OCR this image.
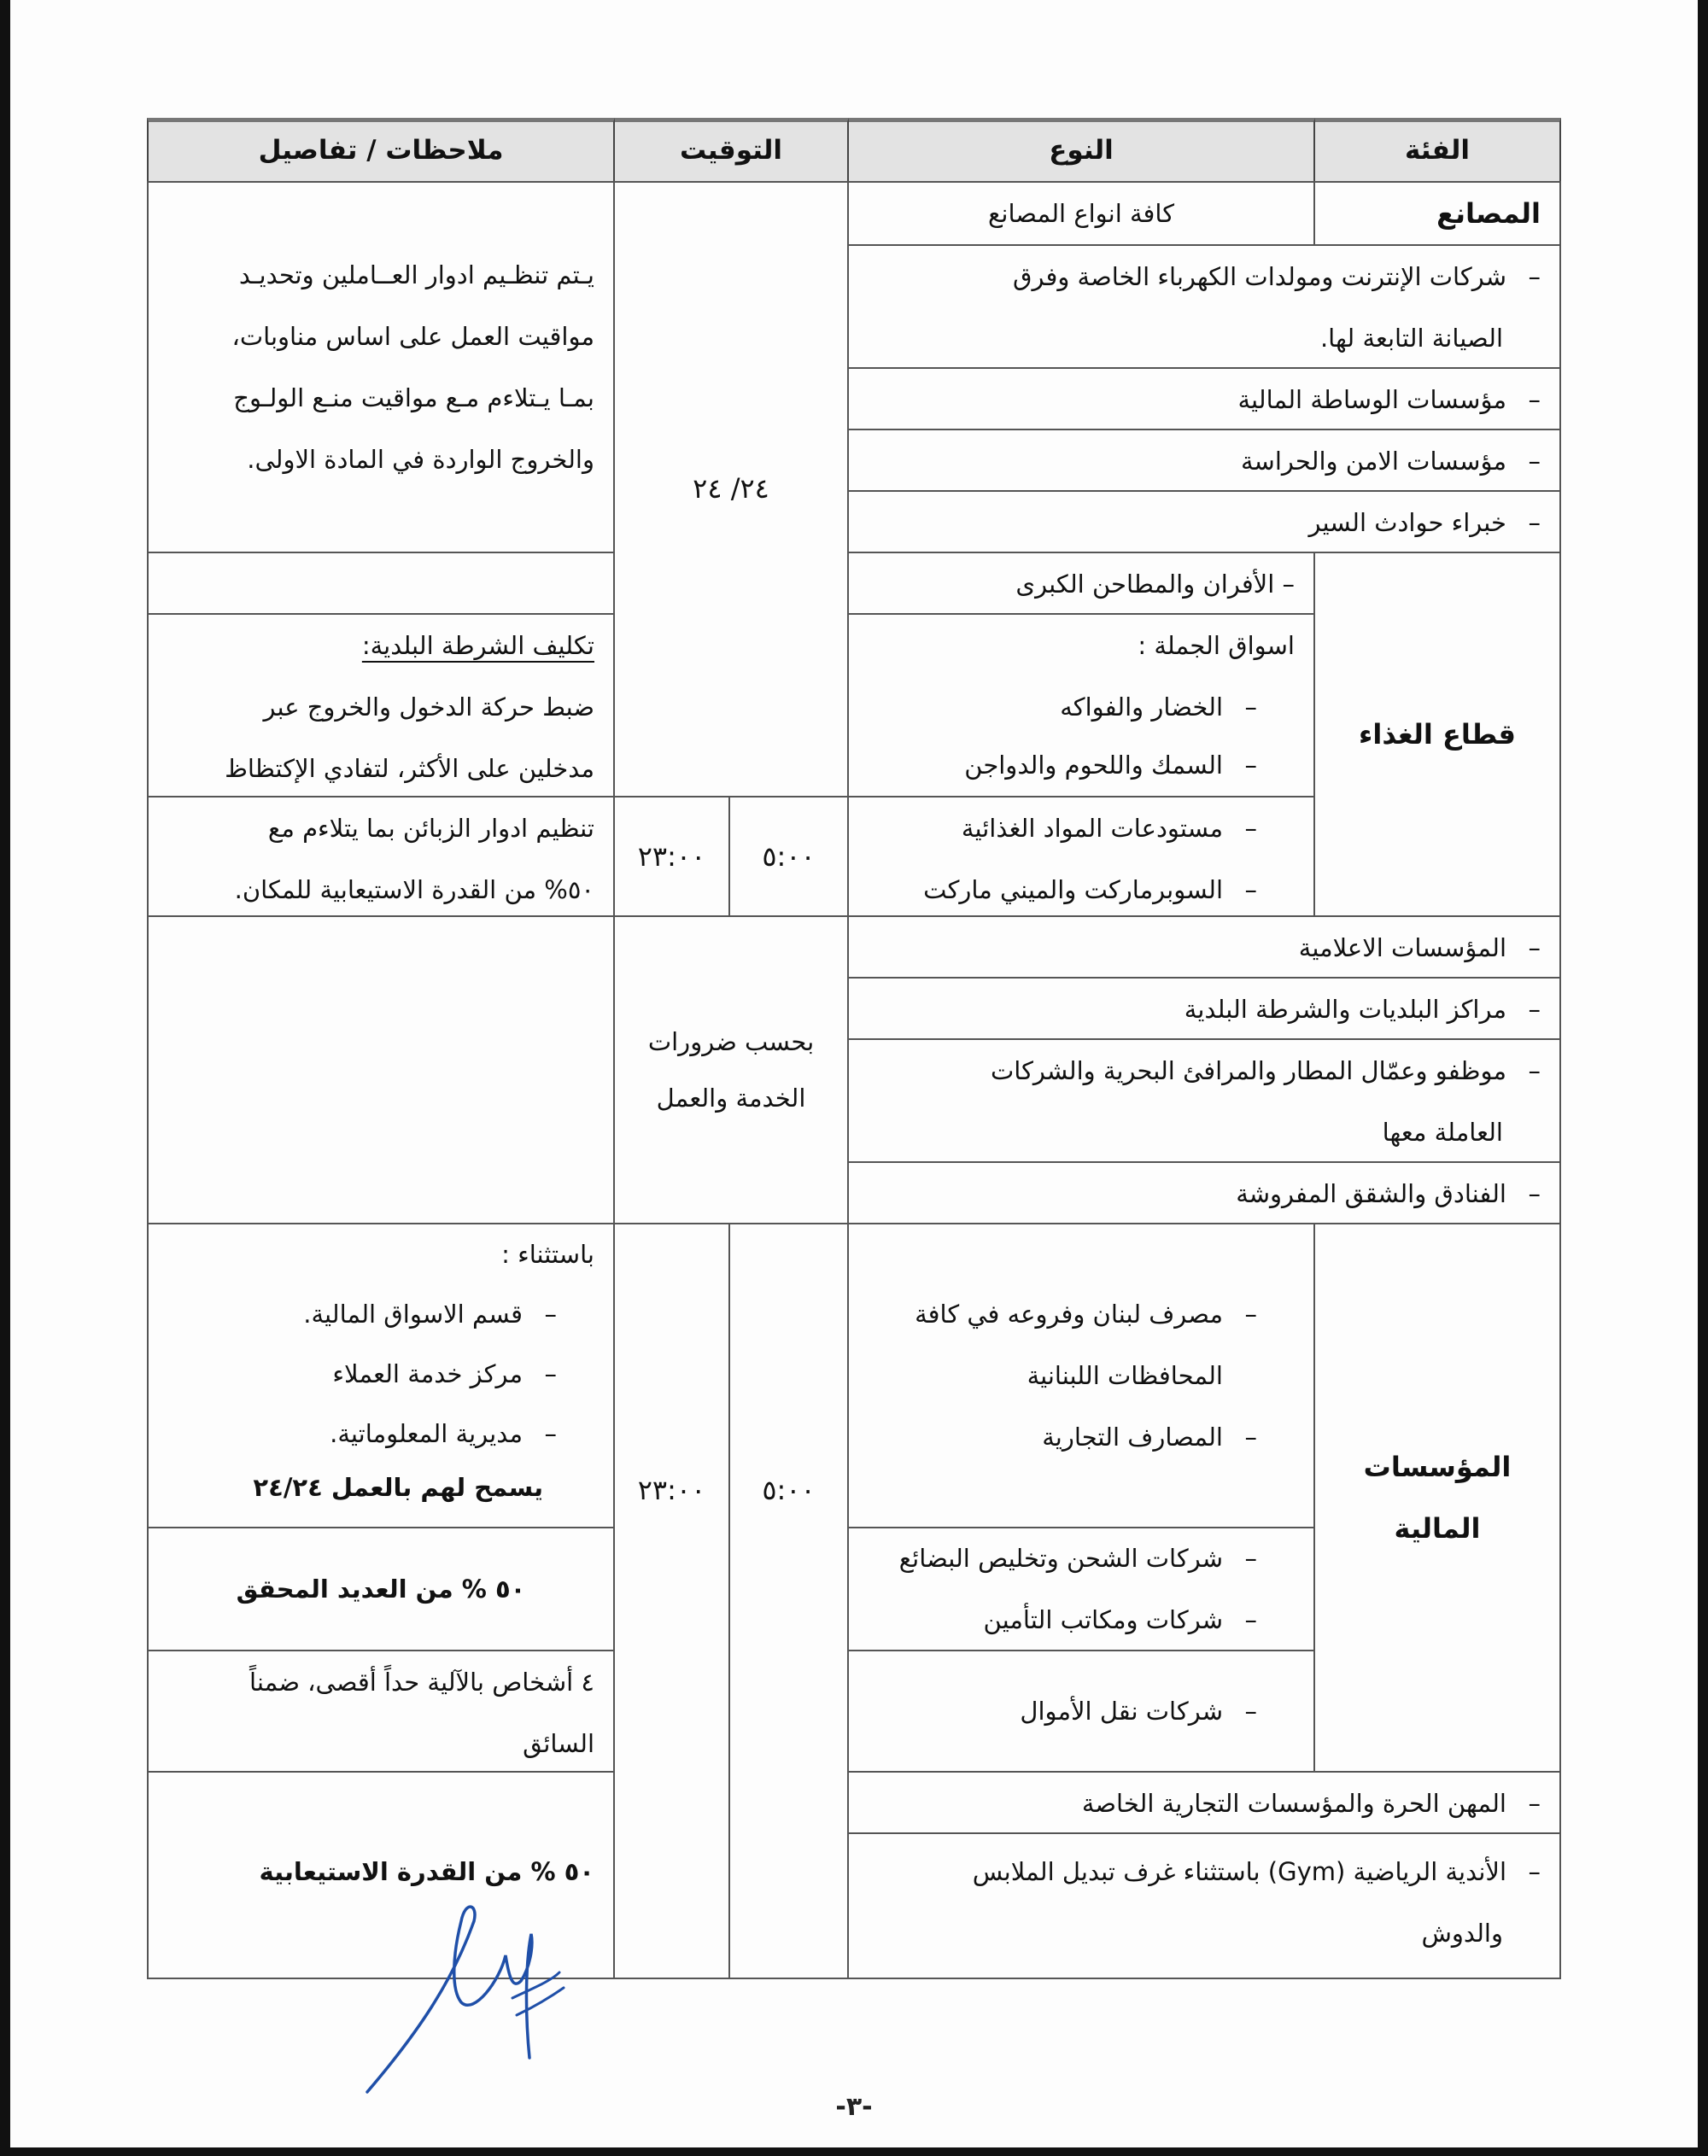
الفئة
النوع
التوقيت
ملاحظات / تفاصيل
المصانع
كافة انواع المصانع
–شركات الإنترنت ومولدات الكهرباء الخاصة وفرق
الصيانة التابعة لها.
–مؤسسات الوساطة المالية
–مؤسسات الامن والحراسة
–خبراء حوادث السير
٢٤/ ٢٤
يـتم تنظـيم ادوار العــاملين وتحديـد
مواقيت العمل على اساس مناوبات،
بمـا يـتلاءم مـع مواقيت منـع الولـوج
والخروج الواردة في المادة الاولى.
قطاع الغذاء
– الأفران والمطاحن الكبرى
اسواق الجملة :
–الخضار والفواكه
–السمك واللحوم والدواجن
–مستودعات المواد الغذائية
–السوبرماركت والميني ماركت
تكليف الشرطة البلدية:
ضبط حركة الدخول والخروج عبر
مدخلين على الأكثر، لتفادي الإكتظاظ
٥:٠٠
٢٣:٠٠
تنظيم ادوار الزبائن بما يتلاءم مع
٥٠% من القدرة الاستيعابية للمكان.
–المؤسسات الاعلامية
–مراكز البلديات والشرطة البلدية
–موظفو وعمّال المطار والمرافئ البحرية والشركات
العاملة معها
–الفنادق والشقق المفروشة
بحسب ضرورات
الخدمة والعمل
المؤسسات
المالية
–مصرف لبنان وفروعه في كافة
المحافظات اللبنانية
–المصارف التجارية
–شركات الشحن وتخليص البضائع
–شركات ومكاتب التأمين
–شركات نقل الأموال
٥:٠٠
٢٣:٠٠
باستثناء :
–قسم الاسواق المالية.
–مركز خدمة العملاء
–مديرية المعلوماتية.
يسمح لهم بالعمل ٢٤/٢٤
٥٠ % من العديد المحقق
٤ أشخاص بالآلية حداً أقصى، ضمناً
السائق
–المهن الحرة والمؤسسات التجارية الخاصة
–الأندية الرياضية (Gym) باستثناء غرف تبديل الملابس
والدوش
٥٠ % من القدرة الاستيعابية
-٣-
